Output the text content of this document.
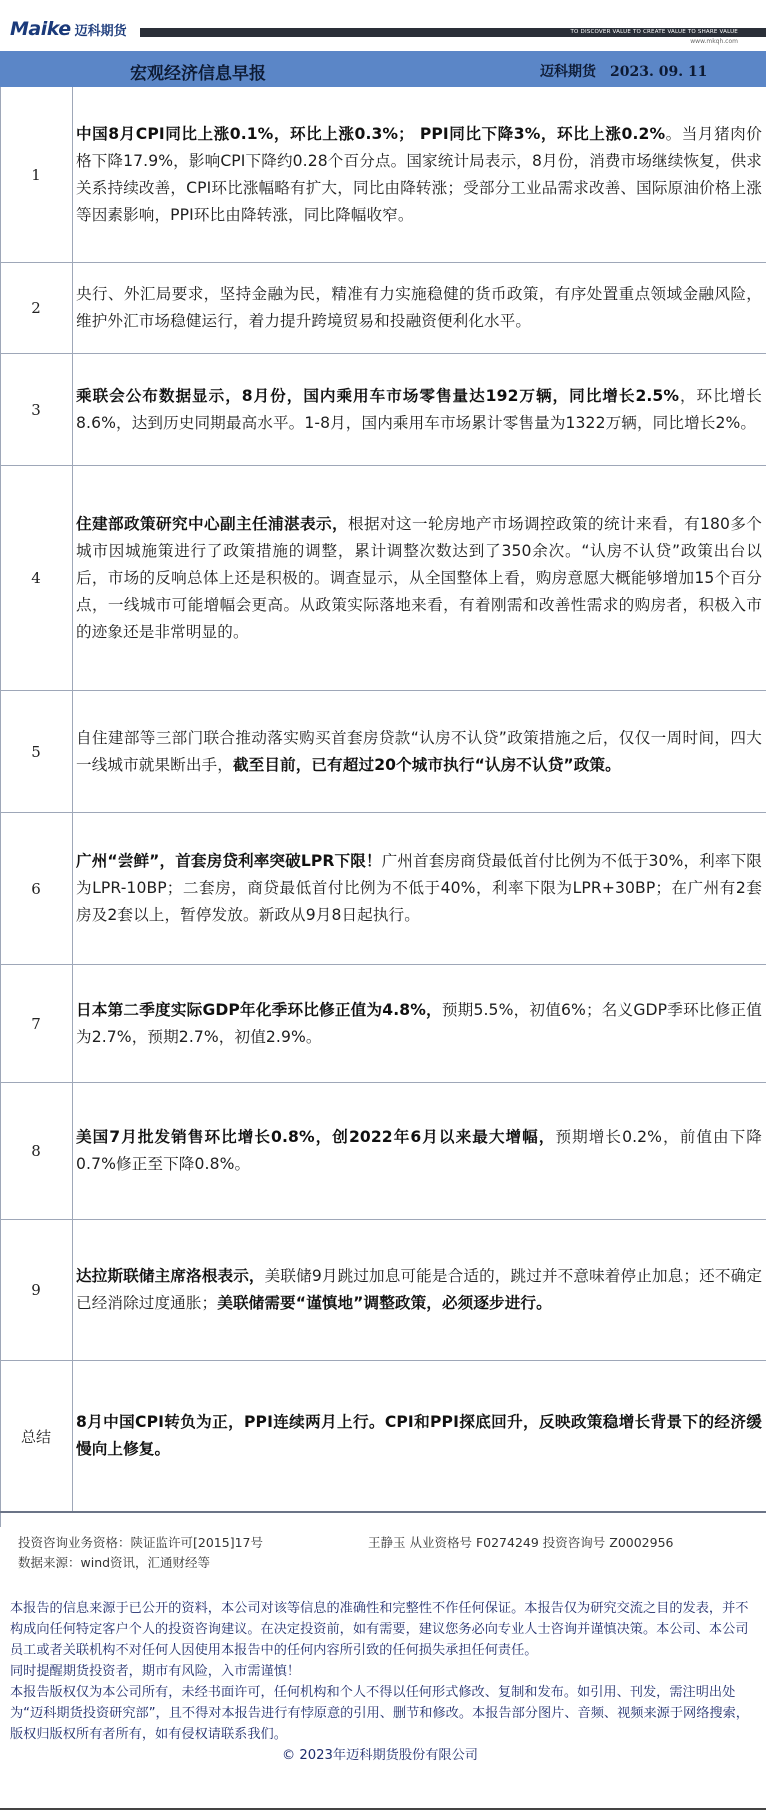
Maike 迈科期货	TO DISCOVER VALUE TO CREATE VALUE TO SHARE VALUE
www.mkqh.com
宏观经济信息早报	迈科期货 2023. 09. 11
1

中国8月CPI同比上涨0.1%，环比上涨0.3%； PPI同比下降3%，环比上涨0.2%。当月猪肉价格下降17.9%，影响CPI下降约0.28个百分点。国家统计局表示，8月份，消费市场继续恢复，供求关系持续改善，CPI环比涨幅略有扩大，同比由降转涨；受部分工业品需求改善、国际原油价格上涨等因素影响，PPI环比由降转涨，同比降幅收窄。

2

央行、外汇局要求，坚持金融为民，精准有力实施稳健的货币政策，有序处置重点领域金融风险，维护外汇市场稳健运行，着力提升跨境贸易和投融资便利化水平。

3

乘联会公布数据显示，8月份，国内乘用车市场零售量达192万辆，同比增长2.5%，环比增长8.6%，达到历史同期最高水平。1-8月，国内乘用车市场累计零售量为1322万辆，同比增长2%。

4

住建部政策研究中心副主任浦湛表示，根据对这一轮房地产市场调控政策的统计来看，有180多个城市因城施策进行了政策措施的调整，累计调整次数达到了350余次。“认房不认贷”政策出台以后，市场的反响总体上还是积极的。调查显示，从全国整体上看，购房意愿大概能够增加15个百分点，一线城市可能增幅会更高。从政策实际落地来看，有着刚需和改善性需求的购房者，积极入市的迹象还是非常明显的。

5

自住建部等三部门联合推动落实购买首套房贷款“认房不认贷”政策措施之后，仅仅一周时间，四大一线城市就果断出手，截至目前，已有超过20个城市执行“认房不认贷”政策。

6

广州“尝鲜”，首套房贷利率突破LPR下限！广州首套房商贷最低首付比例为不低于30%，利率下限为LPR-10BP；二套房，商贷最低首付比例为不低于40%，利率下限为LPR+30BP；在广州有2套房及2套以上，暂停发放。新政从9月8日起执行。

7

日本第二季度实际GDP年化季环比修正值为4.8%，预期5.5%，初值6%；名义GDP季环比修正值为2.7%，预期2.7%，初值2.9%。

8

美国7月批发销售环比增长0.8%，创2022年6月以来最大增幅，预期增长0.2%，前值由下降0.7%修正至下降0.8%。

9

达拉斯联储主席洛根表示，美联储9月跳过加息可能是合适的，跳过并不意味着停止加息；还不确定已经消除过度通胀；美联储需要“谨慎地”调整政策，必须逐步进行。

总结

8月中国CPI转负为正，PPI连续两月上行。CPI和PPI探底回升，反映政策稳增长背景下的经济缓慢向上修复。

投资咨询业务资格：陕证监许可[2015]17号
数据来源：wind资讯，汇通财经等
王静玉 从业资格号 F0274249 投资咨询号 Z0002956

本报告的信息来源于已公开的资料，本公司对该等信息的准确性和完整性不作任何保证。本报告仅为研究交流之目的发表，并不构成向任何特定客户个人的投资咨询建议。在决定投资前，如有需要，建议您务必向专业人士咨询并谨慎决策。本公司、本公司员工或者关联机构不对任何人因使用本报告中的任何内容所引致的任何损失承担任何责任。

同时提醒期货投资者，期市有风险，入市需谨慎！

本报告版权仅为本公司所有，未经书面许可，任何机构和个人不得以任何形式修改、复制和发布。如引用、刊发，需注明出处为“迈科期货投资研究部”，且不得对本报告进行有悖原意的引用、删节和修改。本报告部分图片、音频、视频来源于网络搜索，版权归版权所有者所有，如有侵权请联系我们。

© 2023年迈科期货股份有限公司
